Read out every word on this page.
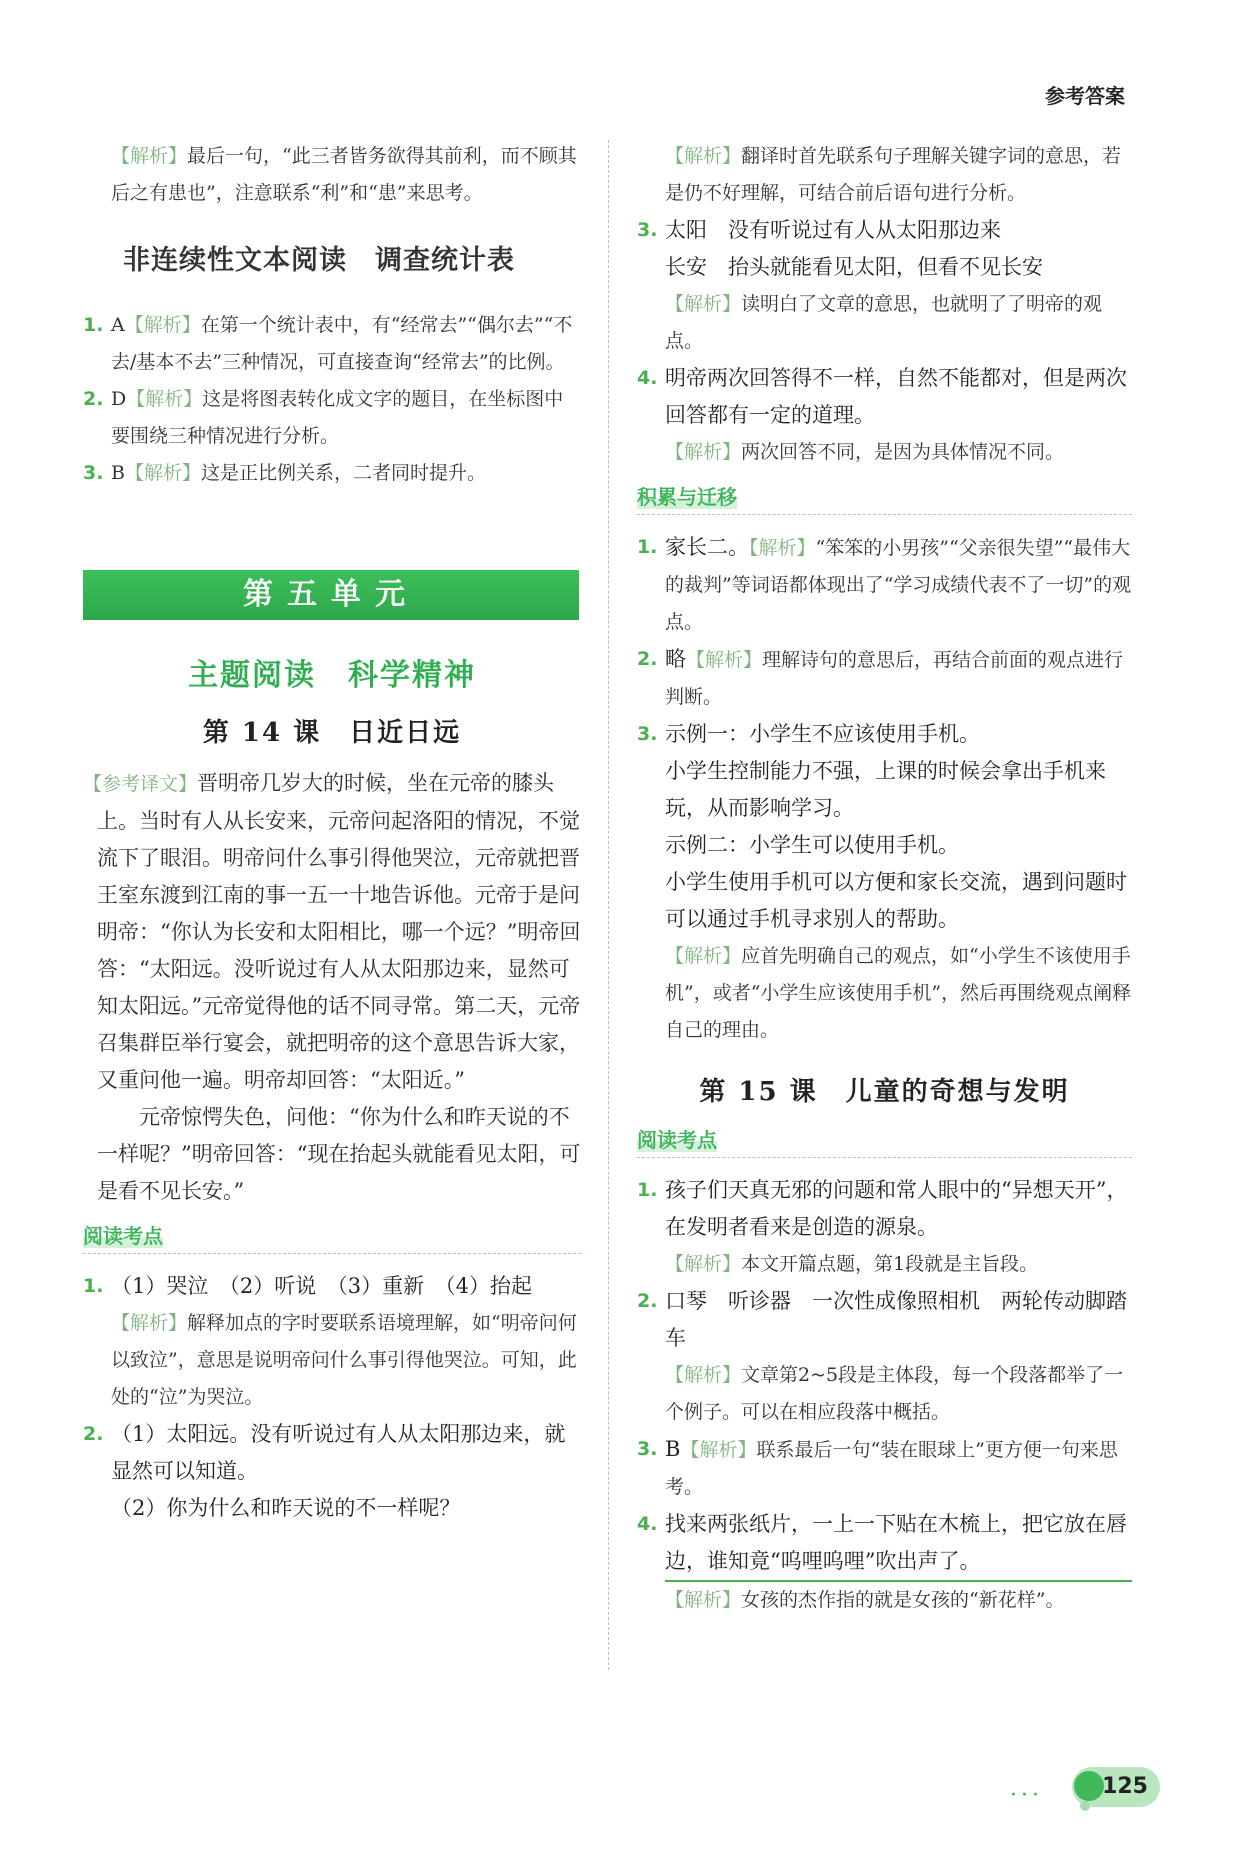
参考答案
【解析】最后一句，“此三者皆务欲得其前利，而不顾其后之有患也”，注意联系“利”和“患”来思考。
非连续性文本阅读　调查统计表
1. A【解析】在第一个统计表中，有“经常去”“偶尔去”“不去/基本不去”三种情况，可直接查询“经常去”的比例。
2. D【解析】这是将图表转化成文字的题目，在坐标图中要围绕三种情况进行分析。
3. B【解析】这是正比例关系，二者同时提升。
第五单元
主题阅读　科学精神
第 14 课　日近日远
【参考译文】晋明帝几岁大的时候，坐在元帝的膝头上。当时有人从长安来，元帝问起洛阳的情况，不觉流下了眼泪。明帝问什么事引得他哭泣，元帝就把晋王室东渡到江南的事一五一十地告诉他。元帝于是问明帝：“你认为长安和太阳相比，哪一个远？”明帝回答：“太阳远。没听说过有人从太阳那边来，显然可知太阳远。”元帝觉得他的话不同寻常。第二天，元帝召集群臣举行宴会，就把明帝的这个意思告诉大家，又重问他一遍。明帝却回答：“太阳近。”
元帝惊愕失色，问他：“你为什么和昨天说的不一样呢？”明帝回答：“现在抬起头就能看见太阳，可是看不见长安。”
阅读考点
1. （1）哭泣　（2）听说　（3）重新　（4）抬起
【解析】解释加点的字时要联系语境理解，如“明帝问何以致泣”，意思是说明帝问什么事引得他哭泣。可知，此处的“泣”为哭泣。
2. （1）太阳远。没有听说过有人从太阳那边来，就显然可以知道。
（2）你为什么和昨天说的不一样呢？
【解析】翻译时首先联系句子理解关键字词的意思，若是仍不好理解，可结合前后语句进行分析。
3. 太阳　没有听说过有人从太阳那边来
长安　抬头就能看见太阳，但看不见长安
【解析】读明白了文章的意思，也就明了了明帝的观点。
4. 明帝两次回答得不一样，自然不能都对，但是两次回答都有一定的道理。
【解析】两次回答不同，是因为具体情况不同。
积累与迁移
1. 家长二。【解析】“笨笨的小男孩”“父亲很失望”“最伟大的裁判”等词语都体现出了“学习成绩代表不了一切”的观点。
2. 略【解析】理解诗句的意思后，再结合前面的观点进行判断。
3. 示例一：小学生不应该使用手机。
小学生控制能力不强，上课的时候会拿出手机来玩，从而影响学习。
示例二：小学生可以使用手机。
小学生使用手机可以方便和家长交流，遇到问题时可以通过手机寻求别人的帮助。
【解析】应首先明确自己的观点，如“小学生不该使用手机”，或者“小学生应该使用手机”，然后再围绕观点阐释自己的理由。
第 15 课　儿童的奇想与发明
阅读考点
1. 孩子们天真无邪的问题和常人眼中的“异想天开”，在发明者看来是创造的源泉。
【解析】本文开篇点题，第1段就是主旨段。
2. 口琴　听诊器　一次性成像照相机　两轮传动脚踏车
【解析】文章第2~5段是主体段，每一个段落都举了一个例子。可以在相应段落中概括。
3. B【解析】联系最后一句“装在眼球上”更方便一句来思考。
4. 找来两张纸片，一上一下贴在木梳上，把它放在唇边，谁知竟“呜哩呜哩”吹出声了。
【解析】女孩的杰作指的就是女孩的“新花样”。
···	125
